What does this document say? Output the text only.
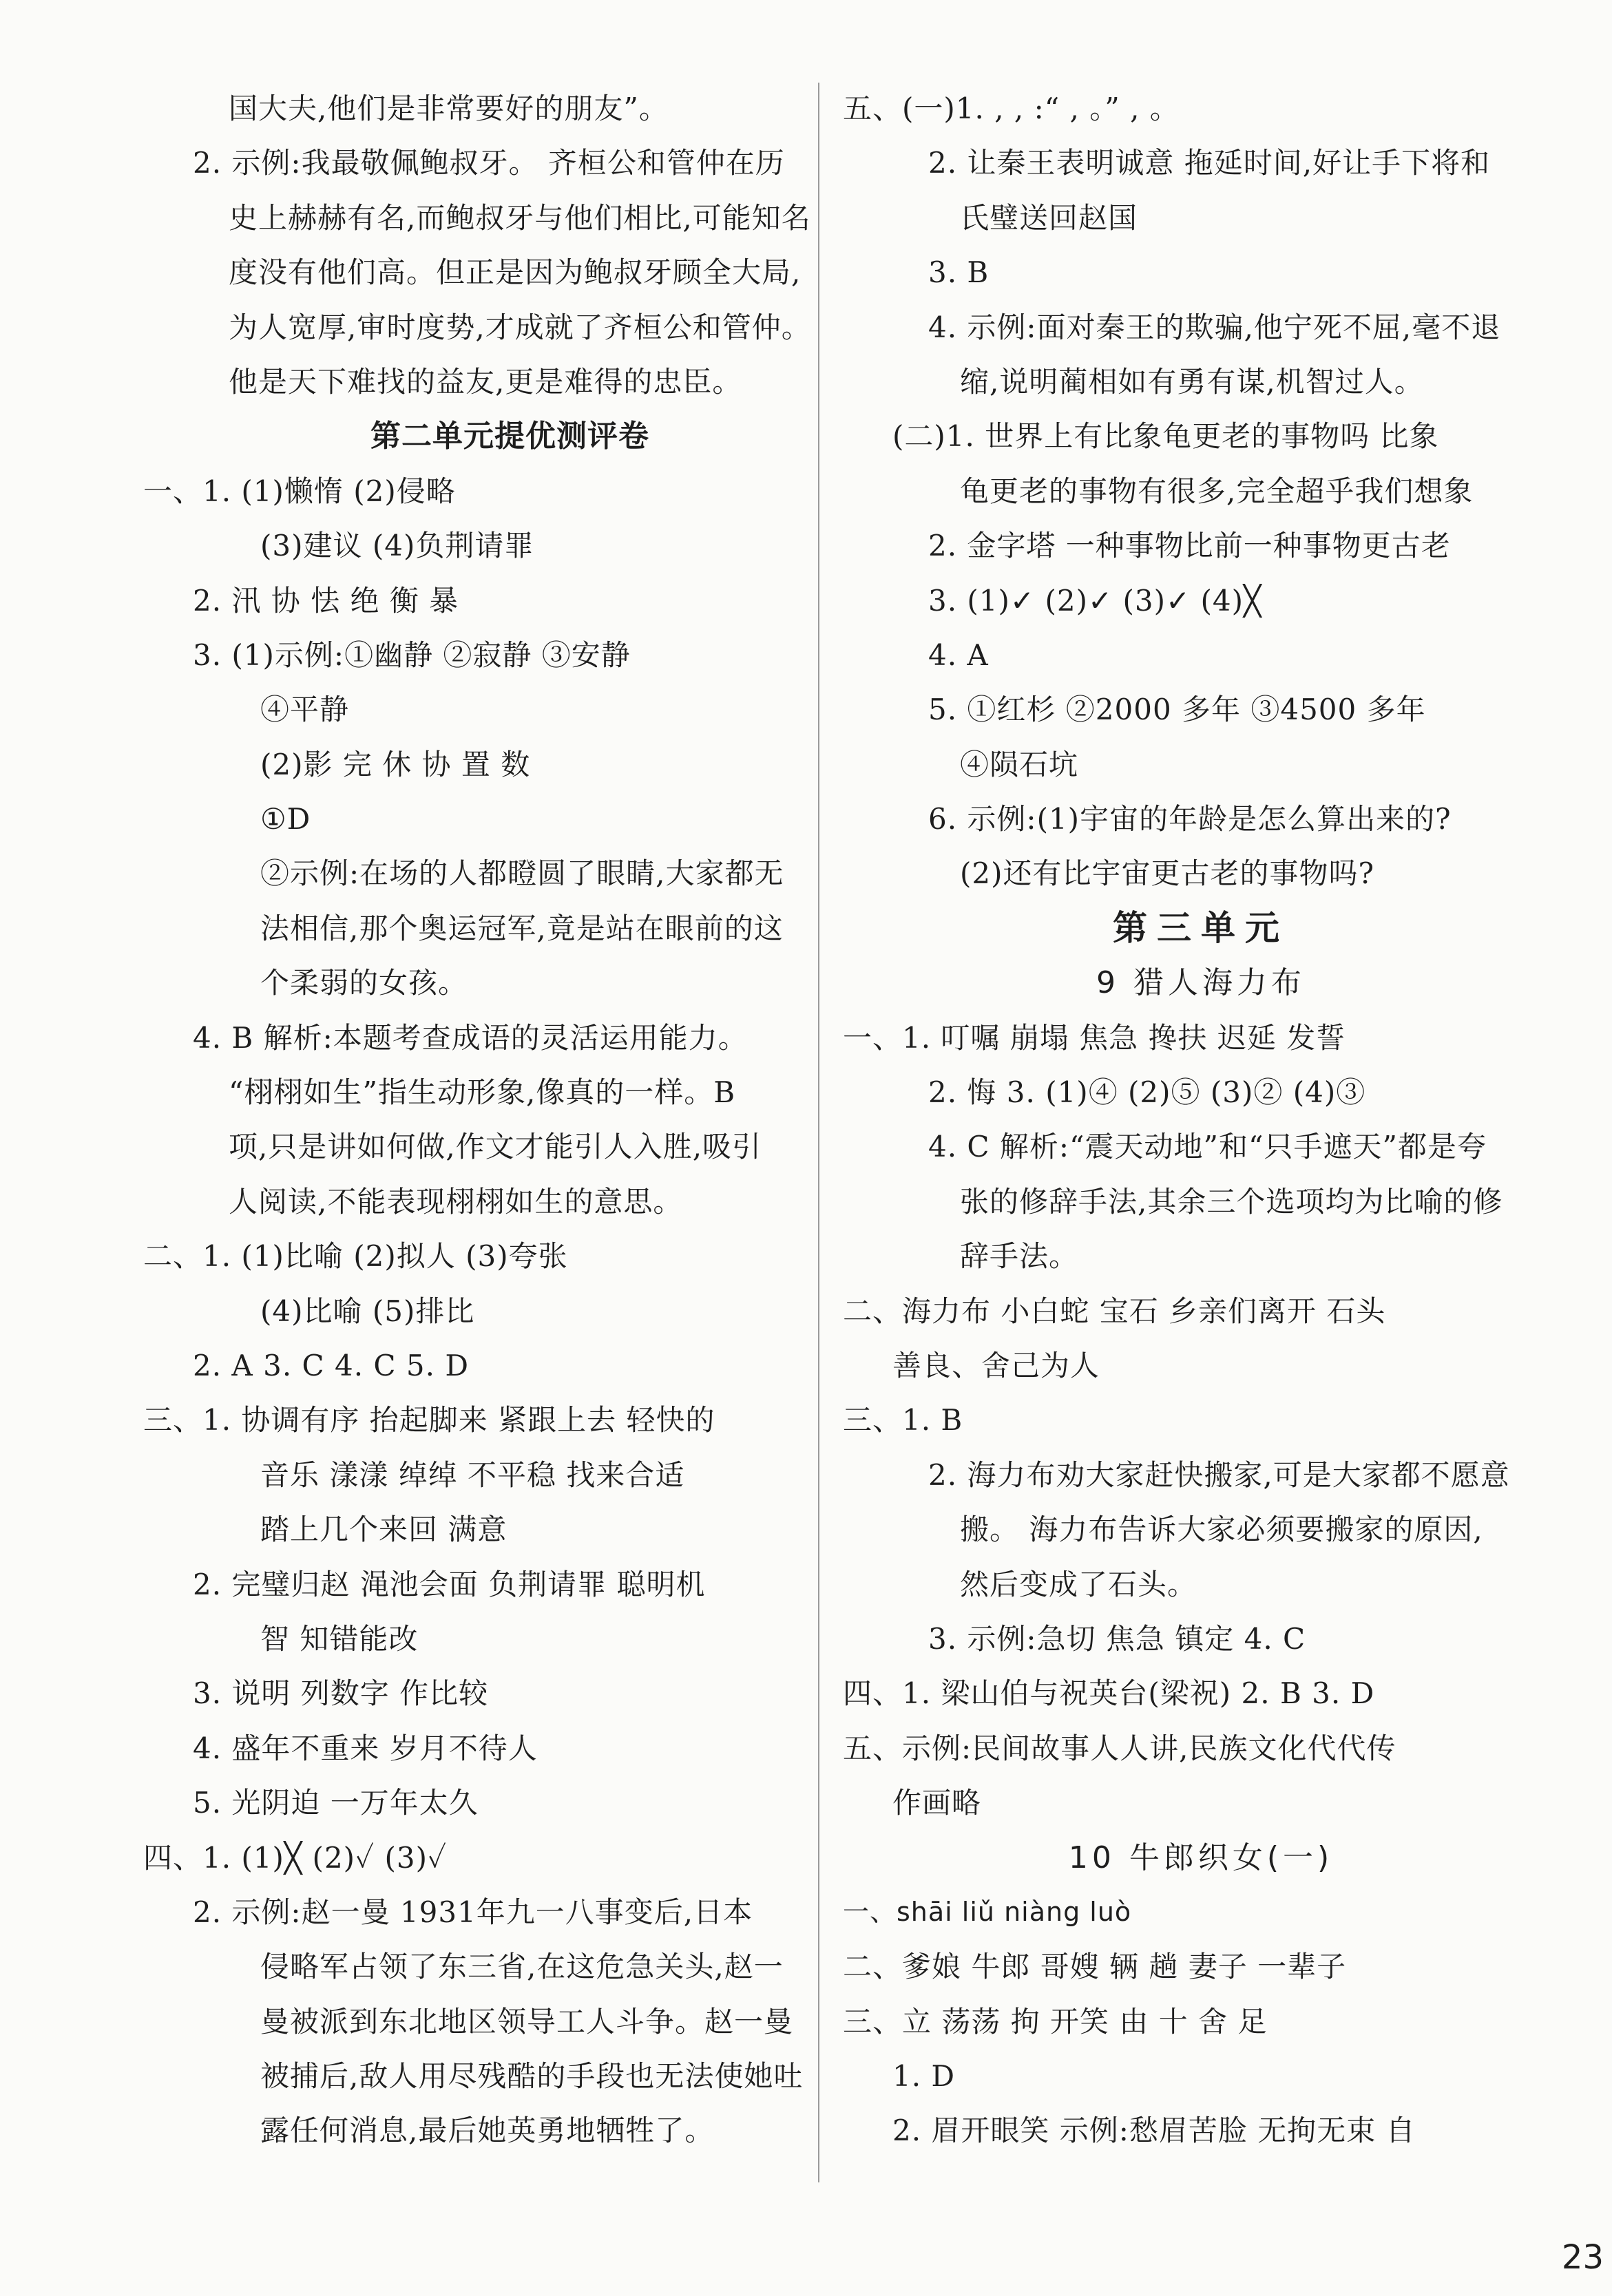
国大夫,他们是非常要好的朋友”。
2. 示例:我最敬佩鲍叔牙。 齐桓公和管仲在历
史上赫赫有名,而鲍叔牙与他们相比,可能知名
度没有他们高。但正是因为鲍叔牙顾全大局,
为人宽厚,审时度势,才成就了齐桓公和管仲。
他是天下难找的益友,更是难得的忠臣。
第二单元提优测评卷
一、1. (1)懒惰 (2)侵略
(3)建议 (4)负荆请罪
2. 汛 协 怯 绝 衡 暴
3. (1)示例:①幽静 ②寂静 ③安静
④平静
(2)影 完 休 协 置 数
①D
②示例:在场的人都瞪圆了眼睛,大家都无
法相信,那个奥运冠军,竟是站在眼前的这
个柔弱的女孩。
4. B 解析:本题考查成语的灵活运用能力。
“栩栩如生”指生动形象,像真的一样。B
项,只是讲如何做,作文才能引人入胜,吸引
人阅读,不能表现栩栩如生的意思。
二、1. (1)比喻 (2)拟人 (3)夸张
(4)比喻 (5)排比
2. A 3. C 4. C 5. D
三、1. 协调有序 抬起脚来 紧跟上去 轻快的
音乐 漾漾 绰绰 不平稳 找来合适
踏上几个来回 满意
2. 完璧归赵 渑池会面 负荆请罪 聪明机
智 知错能改
3. 说明 列数字 作比较
4. 盛年不重来 岁月不待人
5. 光阴迫 一万年太久
四、1. (1)╳ (2)✓ (3)✓
2. 示例:赵一曼 1931年九一八事变后,日本
侵略军占领了东三省,在这危急关头,赵一
曼被派到东北地区领导工人斗争。赵一曼
被捕后,敌人用尽残酷的手段也无法使她吐
露任何消息,最后她英勇地牺牲了。
五、(一)1. , , :“ , 。” , 。
2. 让秦王表明诚意 拖延时间,好让手下将和
氏璧送回赵国
3. B
4. 示例:面对秦王的欺骗,他宁死不屈,毫不退
缩,说明蔺相如有勇有谋,机智过人。
(二)1. 世界上有比象龟更老的事物吗 比象
龟更老的事物有很多,完全超乎我们想象
2. 金字塔 一种事物比前一种事物更古老
3. (1)✓ (2)✓ (3)✓ (4)╳
4. A
5. ①红杉 ②2000 多年 ③4500 多年
④陨石坑
6. 示例:(1)宇宙的年龄是怎么算出来的?
(2)还有比宇宙更古老的事物吗?
第三单元
9 猎人海力布
一、1. 叮嘱 崩塌 焦急 搀扶 迟延 发誓
2. 悔 3. (1)④ (2)⑤ (3)② (4)③
4. C 解析:“震天动地”和“只手遮天”都是夸
张的修辞手法,其余三个选项均为比喻的修
辞手法。
二、海力布 小白蛇 宝石 乡亲们离开 石头
善良、舍己为人
三、1. B
2. 海力布劝大家赶快搬家,可是大家都不愿意
搬。 海力布告诉大家必须要搬家的原因,
然后变成了石头。
3. 示例:急切 焦急 镇定 4. C
四、1. 梁山伯与祝英台(梁祝) 2. B 3. D
五、示例:民间故事人人讲,民族文化代代传
作画略
10 牛郎织女(一)
一、shāi liǔ niàng luò
二、爹娘 牛郎 哥嫂 辆 趟 妻子 一辈子
三、立 荡荡 拘 开笑 由 十 舍 足
1. D
2. 眉开眼笑 示例:愁眉苦脸 无拘无束 自
23
